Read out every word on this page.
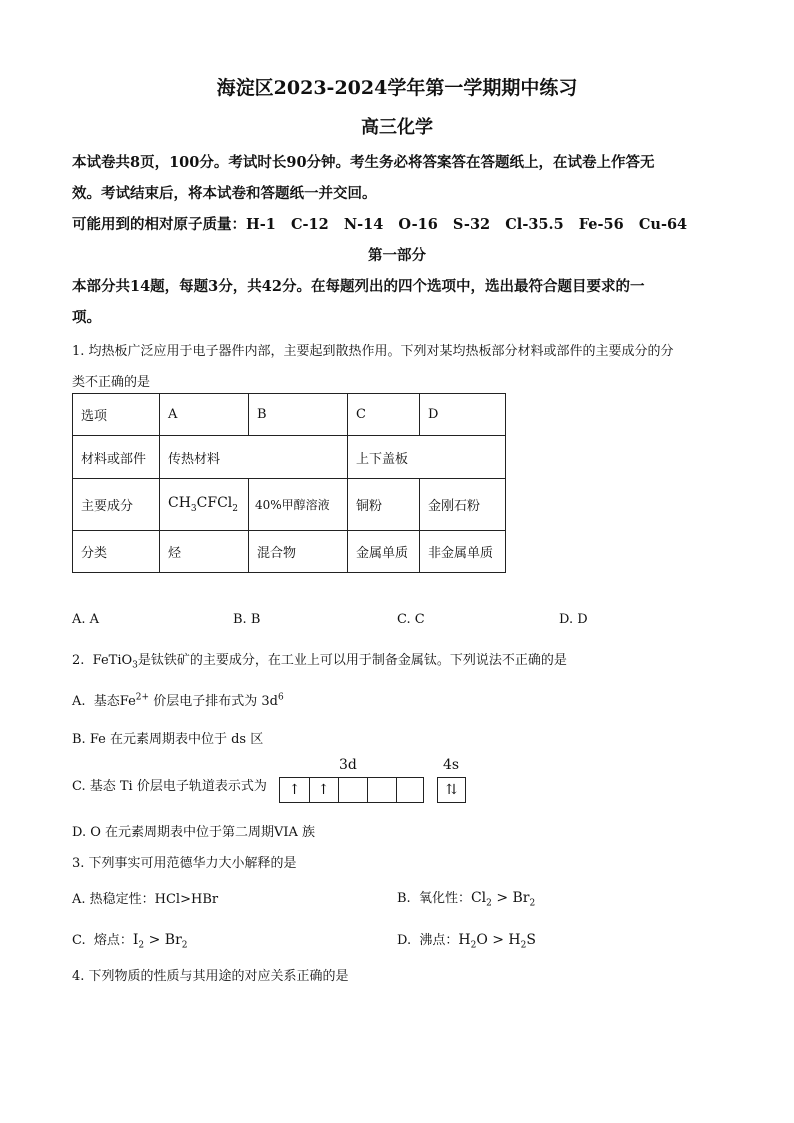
海淀区2023-2024学年第一学期期中练习
高三化学
本试卷共8页，100分。考试时长90分钟。考生务必将答案答在答题纸上，在试卷上作答无
效。考试结束后，将本试卷和答题纸一并交回。
可能用到的相对原子质量：H-1   C-12   N-14   O-16   S-32   Cl-35.5   Fe-56   Cu-64
第一部分
本部分共14题，每题3分，共42分。在每题列出的四个选项中，选出最符合题目要求的一
项。
1. 均热板广泛应用于电子器件内部，主要起到散热作用。下列对某均热板部分材料或部件的主要成分的分
类不正确的是
选项	A	B	C	D
材料或部件	传热材料		上下盖板	
主要成分	$CH_3CFCl_2$	40%甲醇溶液	铜粉	金刚石粉
分类	烃	混合物	金属单质	非金属单质
A. A	B. B	C. C	D. D
2.  FeTiO$_3$是钛铁矿的主要成分，在工业上可以用于制备金属钛。下列说法不正确的是
A.  基态$Fe^{2+}$ 价层电子排布式为 $3d^6$
B. Fe 在元素周期表中位于 ds 区
C. 基态 Ti 价层电子轨道表示式为
3d	4s
↑	↑	⇅
D. O 在元素周期表中位于第二周期VIA 族
3. 下列事实可用范德华力大小解释的是
A. 热稳定性：HCl>HBr	B.  氧化性：$Cl_2 > Br_2$
C.  熔点：$I_2 > Br_2$	D.  沸点：$H_2O > H_2S$
4. 下列物质的性质与其用途的对应关系正确的是
